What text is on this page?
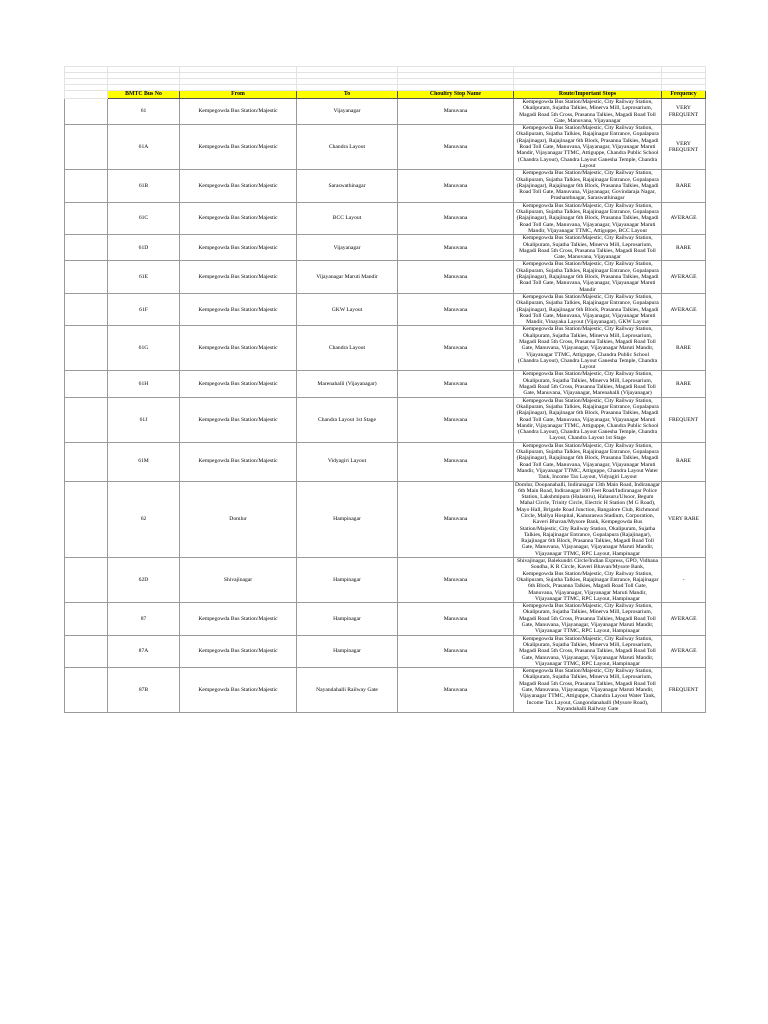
	BMTC Bus No	From	To	Choultry Stop Name	Route/Important Stops	Frequency
	61	Kempegowda Bus Station/Majestic	Vijayanagar	Manuvana	Kempegowda Bus Station/Majestic, City Railway Station, Okalipuram, Sujatha Talkies, Minerva Mill, Leprosarium, Magadi Road 5th Cross, Prasanna Talkies, Magadi Road Toll Gate, Manuvana, Vijayanagar	VERY FREQUENT
	61A	Kempegowda Bus Station/Majestic	Chandra Layout	Manuvana	Kempegowda Bus Station/Majestic, City Railway Station, Okalipuram, Sujatha Talkies, Rajajinagar Entrance, Gopalapura (Rajajinagar), Rajajinagar 6th Block, Prasanna Talkies, Magadi Road Toll Gate, Manuvana, Vijayanagar, Vijayanagar Maruti Mandir, Vijayanagar TTMC, Attiguppe, Chandra Public School (Chandra Layout), Chandra Layout Ganesha Temple, Chandra Layout	VERY FREQUENT
	61B	Kempegowda Bus Station/Majestic	Saraswathinagar	Manuvana	Kempegowda Bus Station/Majestic, City Railway Station, Okalipuram, Sujatha Talkies, Rajajinagar Entrance, Gopalapura (Rajajinagar), Rajajinagar 6th Block, Prasanna Talkies, Magadi Road Toll Gate, Manuvana, Vijayanagar, Govindaraja Nagar, Prashanthnagar, Saraswathinagar	RARE
	61C	Kempegowda Bus Station/Majestic	BCC Layout	Manuvana	Kempegowda Bus Station/Majestic, City Railway Station, Okalipuram, Sujatha Talkies, Rajajinagar Entrance, Gopalapura (Rajajinagar), Rajajinagar 6th Block, Prasanna Talkies, Magadi Road Toll Gate, Manuvana, Vijayanagar, Vijayanagar Maruti Mandir, Vijayanagar TTMC, Attiguppe, BCC Layout	AVERAGE
	61D	Kempegowda Bus Station/Majestic	Vijayanagar	Manuvana	Kempegowda Bus Station/Majestic, City Railway Station, Okalipuram, Sujatha Talkies, Minerva Mill, Leprosarium, Magadi Road 5th Cross, Prasanna Talkies, Magadi Road Toll Gate, Manuvana, Vijayanagar	RARE
	61E	Kempegowda Bus Station/Majestic	Vijayanagar Maruti Mandir	Manuvana	Kempegowda Bus Station/Majestic, City Railway Station, Okalipuram, Sujatha Talkies, Rajajinagar Entrance, Gopalapura (Rajajinagar), Rajajinagar 6th Block, Prasanna Talkies, Magadi Road Toll Gate, Manuvana, Vijayanagar, Vijayanagar Maruti Mandir	AVERAGE
	61F	Kempegowda Bus Station/Majestic	GKW Layout	Manuvana	Kempegowda Bus Station/Majestic, City Railway Station, Okalipuram, Sujatha Talkies, Rajajinagar Entrance, Gopalapura (Rajajinagar), Rajajinagar 6th Block, Prasanna Talkies, Magadi Road Toll Gate, Manuvana, Vijayanagar, Vijayanagar Maruti Mandir, Vinayaka Layout (Vijayanagar), GKW Layout	AVERAGE
	61G	Kempegowda Bus Station/Majestic	Chandra Layout	Manuvana	Kempegowda Bus Station/Majestic, City Railway Station, Okalipuram, Sujatha Talkies, Minerva Mill, Leprosarium, Magadi Road 5th Cross, Prasanna Talkies, Magadi Road Toll Gate, Manuvana, Vijayanagar, Vijayanagar Maruti Mandir, Vijayanagar TTMC, Attiguppe, Chandra Public School (Chandra Layout), Chandra Layout Ganesha Temple, Chandra Layout	RARE
	61H	Kempegowda Bus Station/Majestic	Marenahalli (Vijayanagar)	Manuvana	Kempegowda Bus Station/Majestic, City Railway Station, Okalipuram, Sujatha Talkies, Minerva Mill, Leprosarium, Magadi Road 5th Cross, Prasanna Talkies, Magadi Road Toll Gate, Manuvana, Vijayanagar, Marenahalli (Vijayanagar)	RARE
	61J	Kempegowda Bus Station/Majestic	Chandra Layout 1st Stage	Manuvana	Kempegowda Bus Station/Majestic, City Railway Station, Okalipuram, Sujatha Talkies, Rajajinagar Entrance, Gopalapura (Rajajinagar), Rajajinagar 6th Block, Prasanna Talkies, Magadi Road Toll Gate, Manuvana, Vijayanagar, Vijayanagar Maruti Mandir, Vijayanagar TTMC, Attiguppe, Chandra Public School (Chandra Layout), Chandra Layout Ganesha Temple, Chandra Layout, Chandra Layout 1st Stage	FREQUENT
	61M	Kempegowda Bus Station/Majestic	Vidyagiri Layout	Manuvana	Kempegowda Bus Station/Majestic, City Railway Station, Okalipuram, Sujatha Talkies, Rajajinagar Entrance, Gopalapura (Rajajinagar), Rajajinagar 6th Block, Prasanna Talkies, Magadi Road Toll Gate, Manuvana, Vijayanagar, Vijayanagar Maruti Mandir, Vijayanagar TTMC, Attiguppe, Chandra Layout Water Tank, Income Tax Layout, Vidyagiri Layout	RARE
	62	Domlur	Hampinagar	Manuvana	Domlur, Doopanahalli, Indiranagar 13th Main Road, Indiranagar 6th Main Road, Indiranagar 100 Feet Road/Indiranagar Police Station, Lakshmipura (Halasuru), Halasuru/Ulsoor, Begum Mahal Circle, Trinity Circle, Electric H Station (M G Road), Mayo Hall, Brigade Road Junction, Bangalore Club, Richmond Circle, Mallya Hospital, Kamaraswa Stadium, Corporation, Kaveri Bhavan/Mysore Bank, Kempegowda Bus Station/Majestic, City Railway Station, Okalipuram, Sujatha Talkies, Rajajinagar Entrance, Gopalapura (Rajajinagar), Rajajinagar 6th Block, Prasanna Talkies, Magadi Road Toll Gate, Manuvana, Vijayanagar, Vijayanagar Maruti Mandir, Vijayanagar TTMC, RPC Layout, Hampinagar	VERY RARE
	62D	Shivajinagar	Hampinagar	Manuvana	Shivajinagar, Balekundri Circle/Indian Express, GPO, Vidhana Soudha, K R Circle, Kaveri Bhavan/Mysore Bank, Kempegowda Bus Station/Majestic, City Railway Station, Okalipuram, Sujatha Talkies, Rajajinagar Entrance, Rajajinagar 6th Block, Prasanna Talkies, Magadi Road Toll Gate, Manuvana, Vijayanagar, Vijayanagar Maruti Mandir, Vijayanagar TTMC, RPC Layout, Hampinagar	-
	87	Kempegowda Bus Station/Majestic	Hampinagar	Manuvana	Kempegowda Bus Station/Majestic, City Railway Station, Okalipuram, Sujatha Talkies, Minerva Mill, Leprosarium, Magadi Road 5th Cross, Prasanna Talkies, Magadi Road Toll Gate, Manuvana, Vijayanagar, Vijayanagar Maruti Mandir, Vijayanagar TTMC, RPC Layout, Hampinagar	AVERAGE
	87A	Kempegowda Bus Station/Majestic	Hampinagar	Manuvana	Kempegowda Bus Station/Majestic, City Railway Station, Okalipuram, Sujatha Talkies, Minerva Mill, Leprosarium, Magadi Road 5th Cross, Prasanna Talkies, Magadi Road Toll Gate, Manuvana, Vijayanagar, Vijayanagar Maruti Mandir, Vijayanagar TTMC, RPC Layout, Hampinagar	AVERAGE
	87B	Kempegowda Bus Station/Majestic	Nayandahalli Railway Gate	Manuvana	Kempegowda Bus Station/Majestic, City Railway Station, Okalipuram, Sujatha Talkies, Minerva Mill, Leprosarium, Magadi Road 5th Cross, Prasanna Talkies, Magadi Road Toll Gate, Manuvana, Vijayanagar, Vijayanagar Maruti Mandir, Vijayanagar TTMC, Attiguppe, Chandra Layout Water Tank, Income Tax Layout, Gangondanahalli (Mysore Road), Nayandahalli Railway Gate	FREQUENT
